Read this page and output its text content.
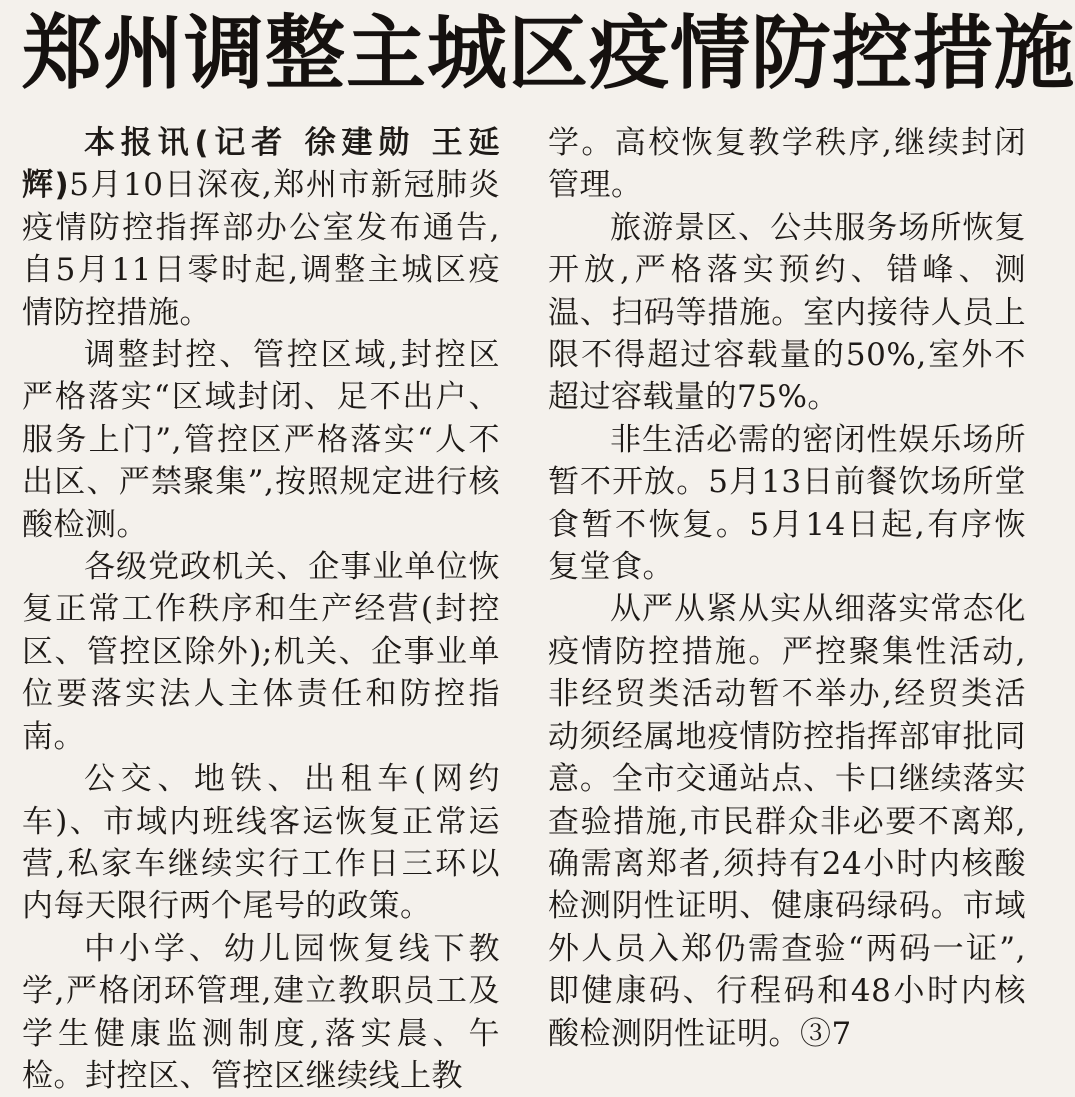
郑州调整主城区疫情防控措施

本报讯(记者 徐建勋 王延辉)5月10日深夜,郑州市新冠肺炎疫情防控指挥部办公室发布通告,自5月11日零时起,调整主城区疫情防控措施。

调整封控、管控区域,封控区严格落实“区域封闭、足不出户、服务上门”,管控区严格落实“人不出区、严禁聚集”,按照规定进行核酸检测。

各级党政机关、企事业单位恢复正常工作秩序和生产经营(封控区、管控区除外);机关、企事业单位要落实法人主体责任和防控指南。

公交、地铁、出租车(网约车)、市域内班线客运恢复正常运营,私家车继续实行工作日三环以内每天限行两个尾号的政策。

中小学、幼儿园恢复线下教学,严格闭环管理,建立教职员工及学生健康监测制度,落实晨、午检。封控区、管控区继续线上教

学。高校恢复教学秩序,继续封闭管理。

旅游景区、公共服务场所恢复开放,严格落实预约、错峰、测温、扫码等措施。室内接待人员上限不得超过容载量的50%,室外不超过容载量的75%。

非生活必需的密闭性娱乐场所暂不开放。5月13日前餐饮场所堂食暂不恢复。5月14日起,有序恢复堂食。

从严从紧从实从细落实常态化疫情防控措施。严控聚集性活动,非经贸类活动暂不举办,经贸类活动须经属地疫情防控指挥部审批同意。全市交通站点、卡口继续落实查验措施,市民群众非必要不离郑,确需离郑者,须持有24小时内核酸检测阴性证明、健康码绿码。市域外人员入郑仍需查验“两码一证”,即健康码、行程码和48小时内核酸检测阴性证明。③7
